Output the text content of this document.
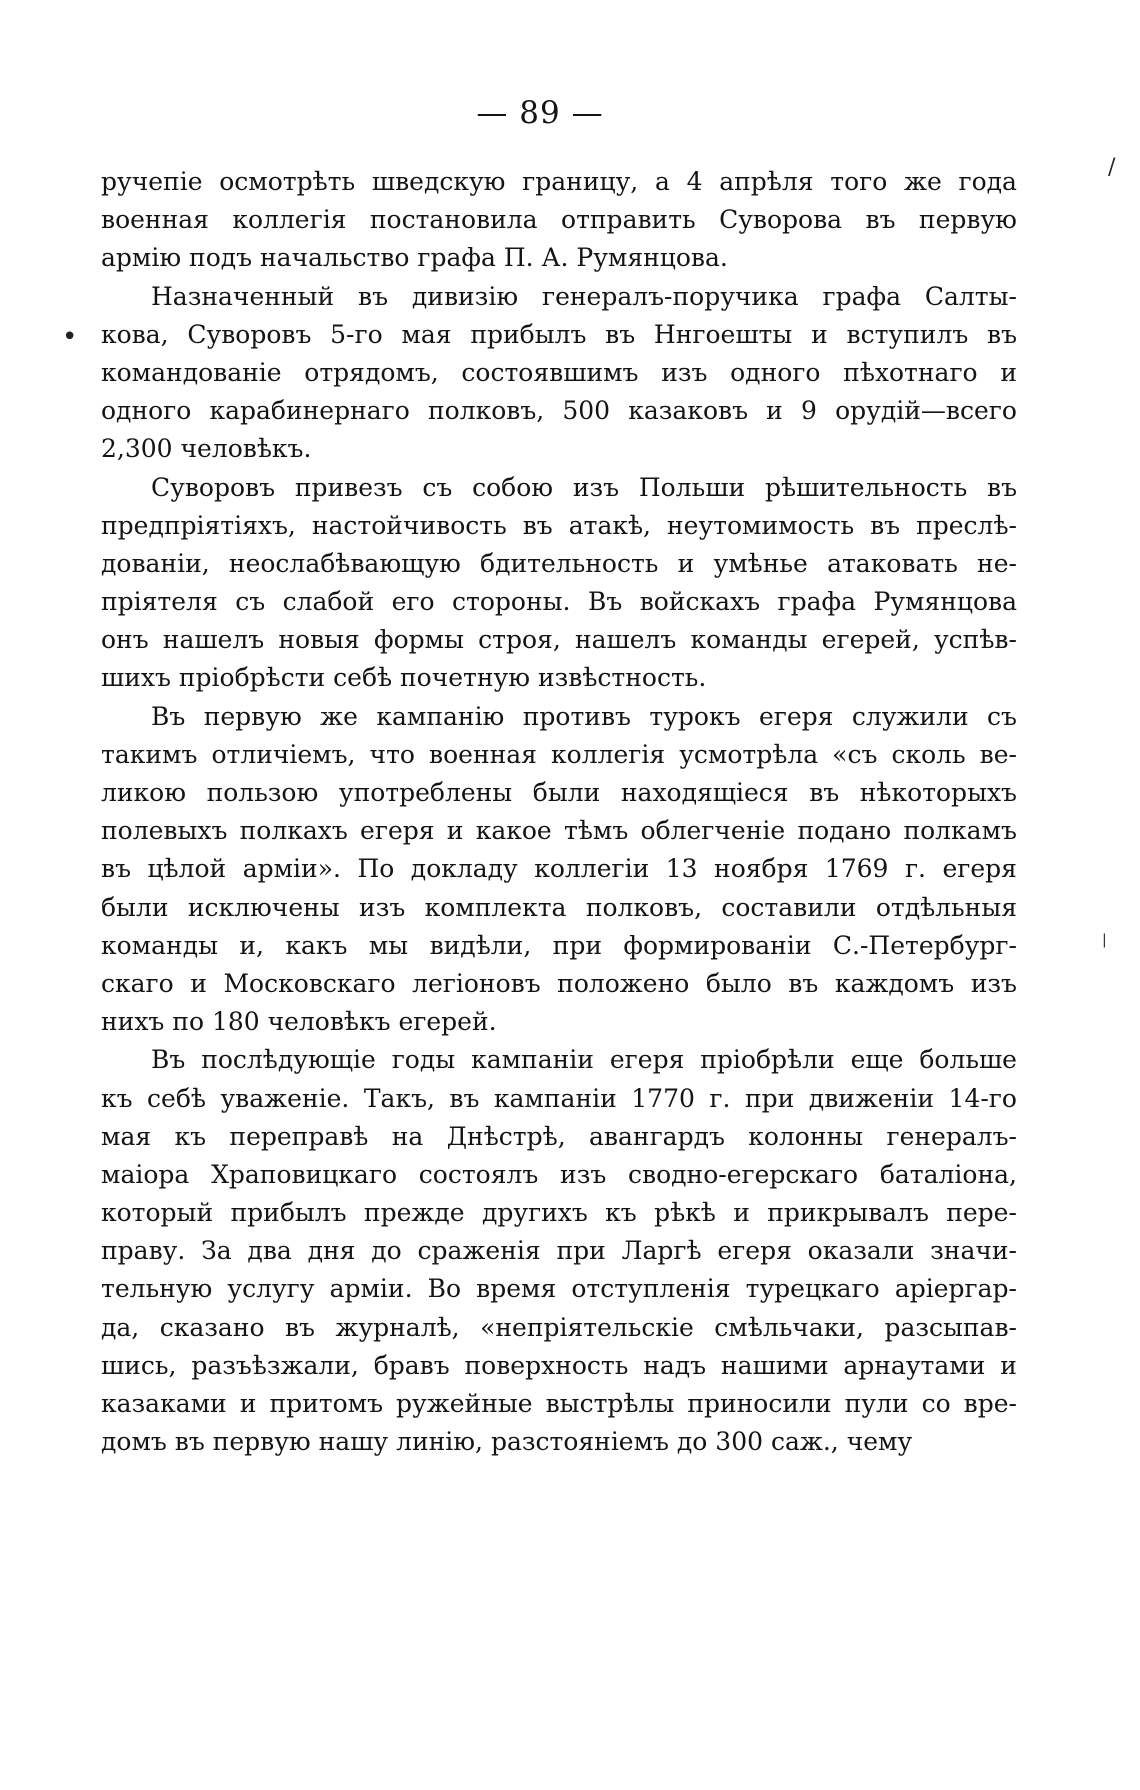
— 89 —
ручепіе осмотрѣть шведскую границу, а 4 апрѣля того же года
военная коллегія постановила отправить Суворова въ первую
армію подъ начальство графа П. А. Румянцова.
Назначенный въ дивизію генералъ-поручика графа Салты-
кова, Суворовъ 5-го мая прибылъ въ Ннгоешты и вступилъ въ
командованіе отрядомъ, состоявшимъ изъ одного пѣхотнаго и
одного карабинернаго полковъ, 500 казаковъ и 9 орудій—всего
2,300 человѣкъ.
Суворовъ привезъ съ собою изъ Польши рѣшительность въ
предпріятіяхъ, настойчивость въ атакѣ, неутомимость въ преслѣ-
дованіи, неослабѣвающую бдительность и умѣнье атаковать не-
пріятеля съ слабой его стороны. Въ войскахъ графа Румянцова
онъ нашелъ новыя формы строя, нашелъ команды егерей, успѣв-
шихъ пріобрѣсти себѣ почетную извѣстность.
Въ первую же кампанію противъ турокъ егеря служили съ
такимъ отличіемъ, что военная коллегія усмотрѣла «съ сколь ве-
ликою пользою употреблены были находящіеся въ нѣкоторыхъ
полевыхъ полкахъ егеря и какое тѣмъ облегченіе подано полкамъ
въ цѣлой арміи». По докладу коллегіи 13 ноября 1769 г. егеря
были исключены изъ комплекта полковъ, составили отдѣльныя
команды и, какъ мы видѣли, при формированіи С.-Петербург-
скаго и Московскаго легіоновъ положено было въ каждомъ изъ
нихъ по 180 человѣкъ егерей.
Въ послѣдующіе годы кампаніи егеря пріобрѣли еще больше
къ себѣ уваженіе. Такъ, въ кампаніи 1770 г. при движеніи 14-го
мая къ переправѣ на Днѣстрѣ, авангардъ колонны генералъ-
маіора Храповицкаго состоялъ изъ сводно-егерскаго баталіона,
который прибылъ прежде другихъ къ рѣкѣ и прикрывалъ пере-
праву. За два дня до сраженія при Ларгѣ егеря оказали значи-
тельную услугу арміи. Во время отступленія турецкаго аріергар-
да, сказано въ журналѣ, «непріятельскіе смѣльчаки, разсыпав-
шись, разъѣзжали, бравъ поверхность надъ нашими арнаутами и
казаками и притомъ ружейные выстрѣлы приносили пули со вре-
домъ въ первую нашу линію, разстояніемъ до 300 саж., чему
/
•
|
